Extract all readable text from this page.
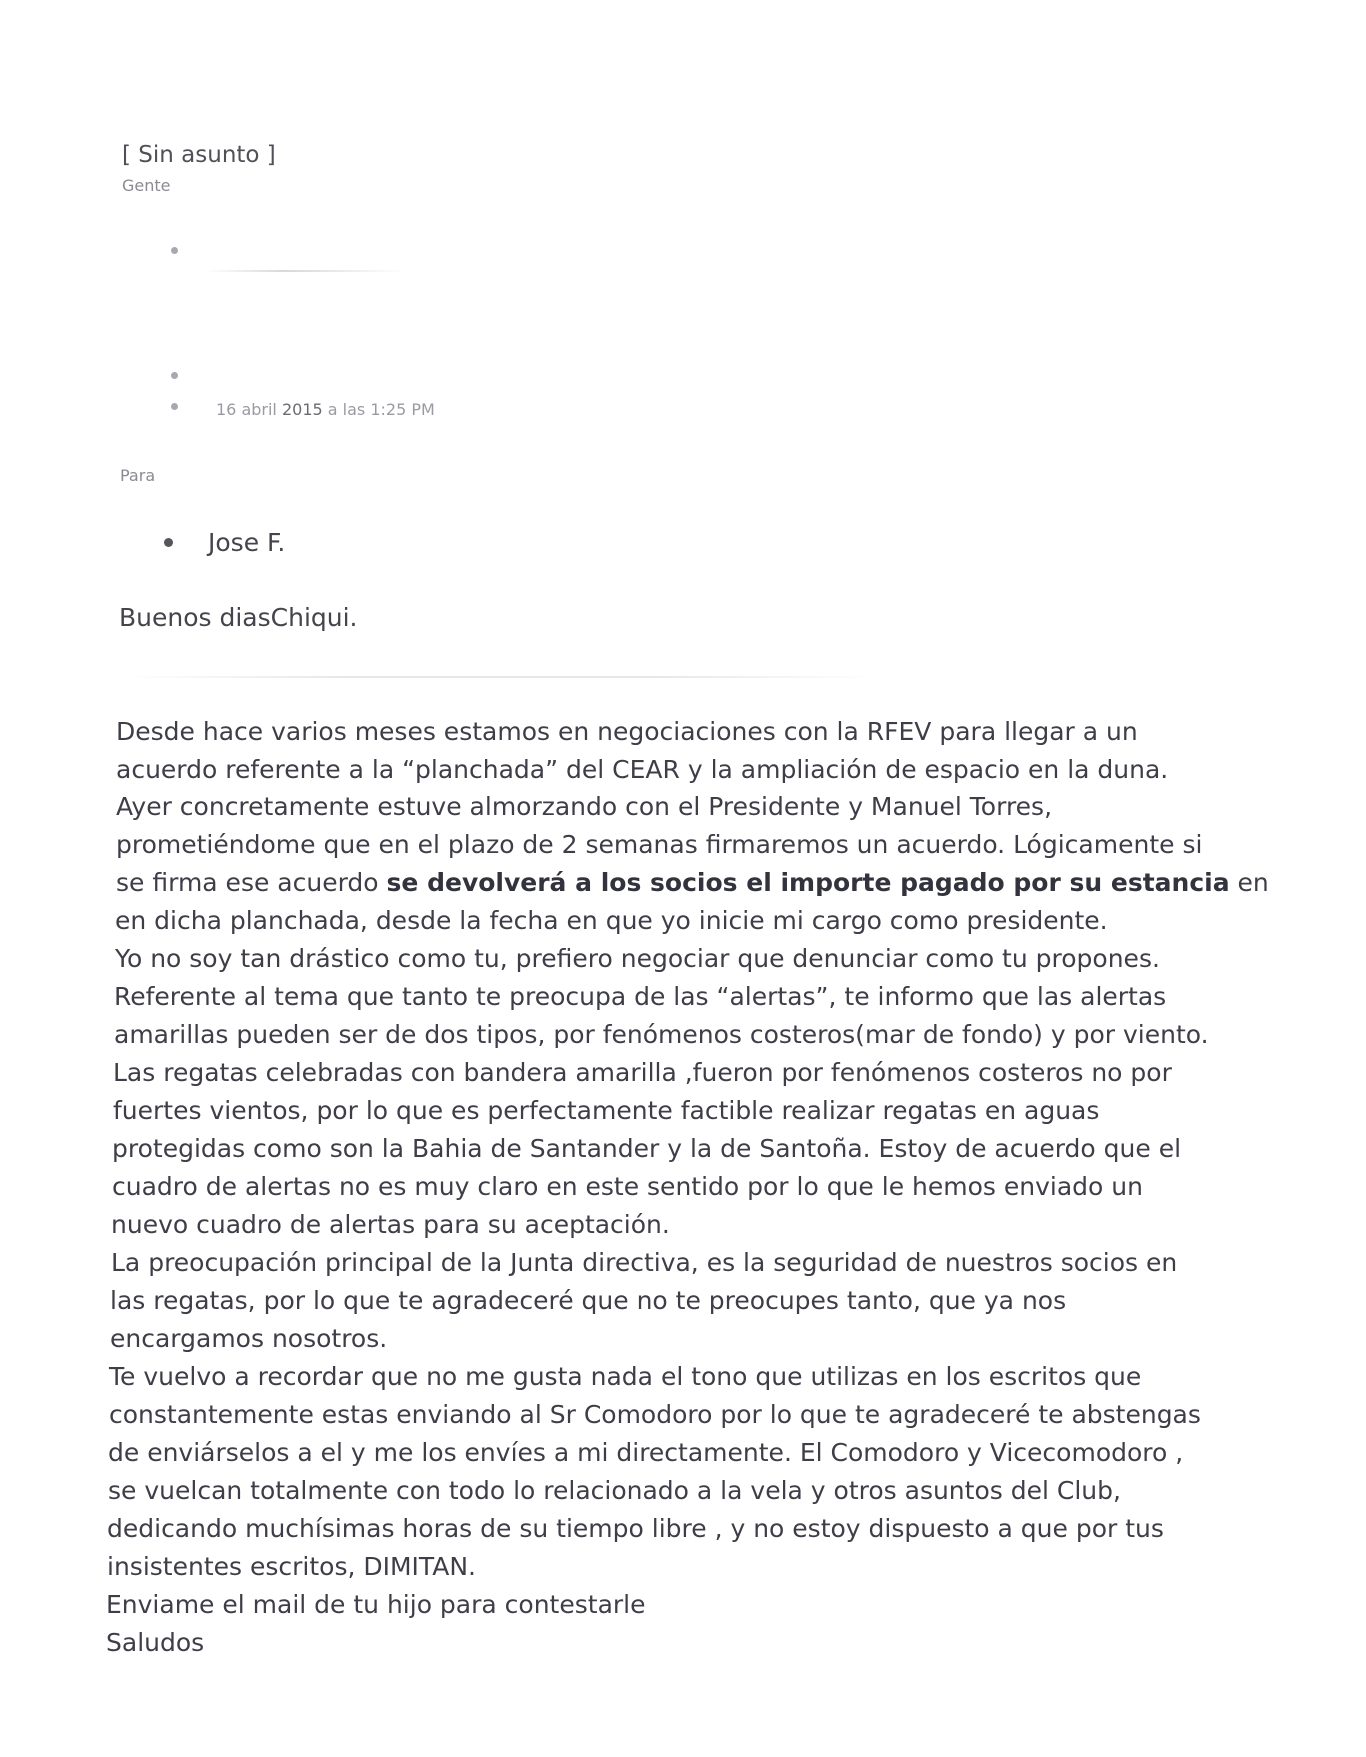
[ Sin asunto ]
Gente
16 abril 2015 a las 1:25 PM
Para
Jose F.
Buenos diasChiqui.
Desde hace varios meses estamos en negociaciones con la RFEV para llegar a un
acuerdo referente a la “planchada” del CEAR y la ampliación de espacio en la duna.
Ayer concretamente estuve almorzando con el Presidente y Manuel Torres,
prometiéndome que en el plazo de 2 semanas firmaremos un acuerdo. Lógicamente si
se firma ese acuerdo se devolverá a los socios el importe pagado por su estancia en
en dicha planchada, desde la fecha en que yo inicie mi cargo como presidente.
Yo no soy tan drástico como tu, prefiero negociar que denunciar como tu propones.
Referente al tema que tanto te preocupa de las “alertas”, te informo que las alertas
amarillas pueden ser de dos tipos, por fenómenos costeros(mar de fondo) y por viento.
Las regatas celebradas con bandera amarilla ,fueron por fenómenos costeros no por
fuertes vientos, por lo que es perfectamente factible realizar regatas en aguas
protegidas como son la Bahia de Santander y la de Santoña. Estoy de acuerdo que el
cuadro de alertas no es muy claro en este sentido por lo que le hemos enviado un
nuevo cuadro de alertas para su aceptación.
La preocupación principal de la Junta directiva, es la seguridad de nuestros socios en
las regatas, por lo que te agradeceré que no te preocupes tanto, que ya nos
encargamos nosotros.
Te vuelvo a recordar que no me gusta nada el tono que utilizas en los escritos que
constantemente estas enviando al Sr Comodoro por lo que te agradeceré te abstengas
de enviárselos a el y me los envíes a mi directamente. El Comodoro y Vicecomodoro ,
se vuelcan totalmente con todo lo relacionado a la vela y otros asuntos del Club,
dedicando muchísimas horas de su tiempo libre , y no estoy dispuesto a que por tus
insistentes escritos, DIMITAN.
Enviame el mail de tu hijo para contestarle
Saludos
